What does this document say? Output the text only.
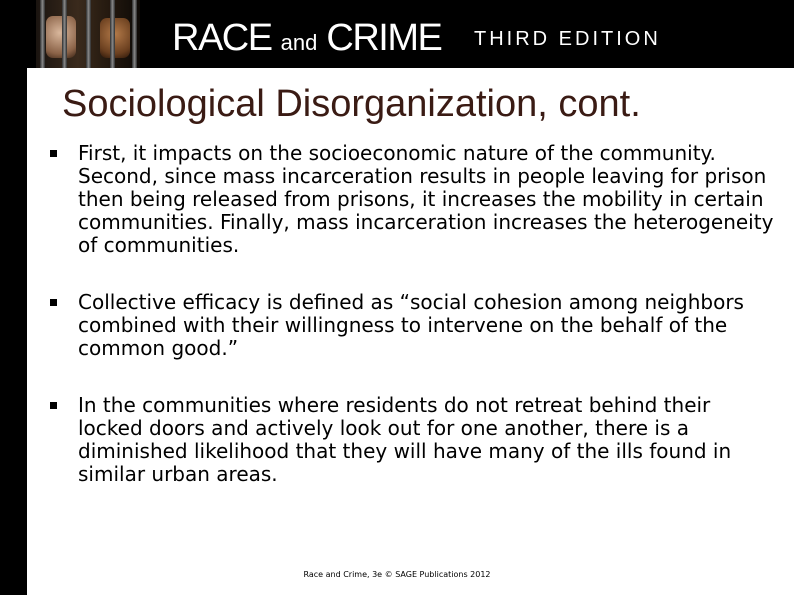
RACE and CRIME THIRD EDITION
Sociological Disorganization, cont.
First, it impacts on the socioeconomic nature of the community. Second, since mass incarceration results in people leaving for prison then being released from prisons, it increases the mobility in certain communities. Finally, mass incarceration increases the heterogeneity of communities.
Collective efficacy is defined as “social cohesion among neighbors combined with their willingness to intervene on the behalf of the common good.”
In the communities where residents do not retreat behind their locked doors and actively look out for one another, there is a diminished likelihood that they will have many of the ills found in similar urban areas.
Race and Crime, 3e © SAGE Publications 2012
